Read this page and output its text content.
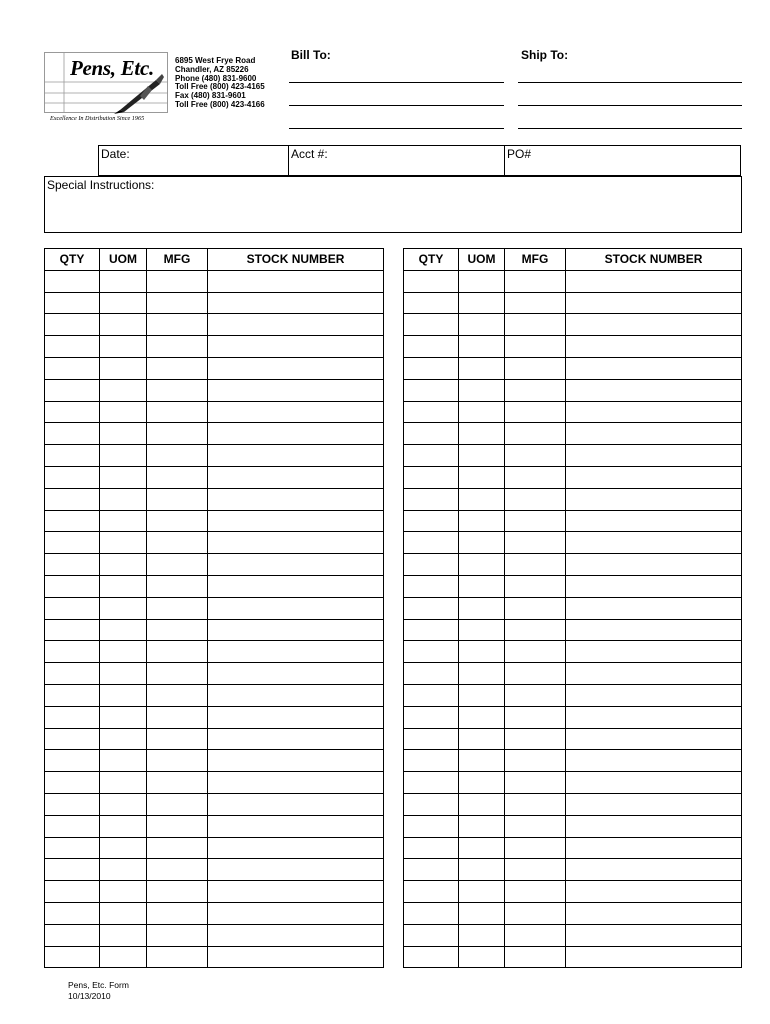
Pens, Etc.
Excellence In Distribution Since 1965
6895 West Frye Road
Chandler, AZ 85226
Phone (480) 831-9600
Toll Free (800) 423-4165
Fax (480) 831-9601
Toll Free (800) 423-4166
Bill To:	Ship To:
Date:	Acct #:	PO#
Special Instructions:
QTY	UOM	MFG	STOCK NUMBER

				QTY	UOM	MFG	STOCK NUMBER

Pens, Etc. Form
10/13/2010
